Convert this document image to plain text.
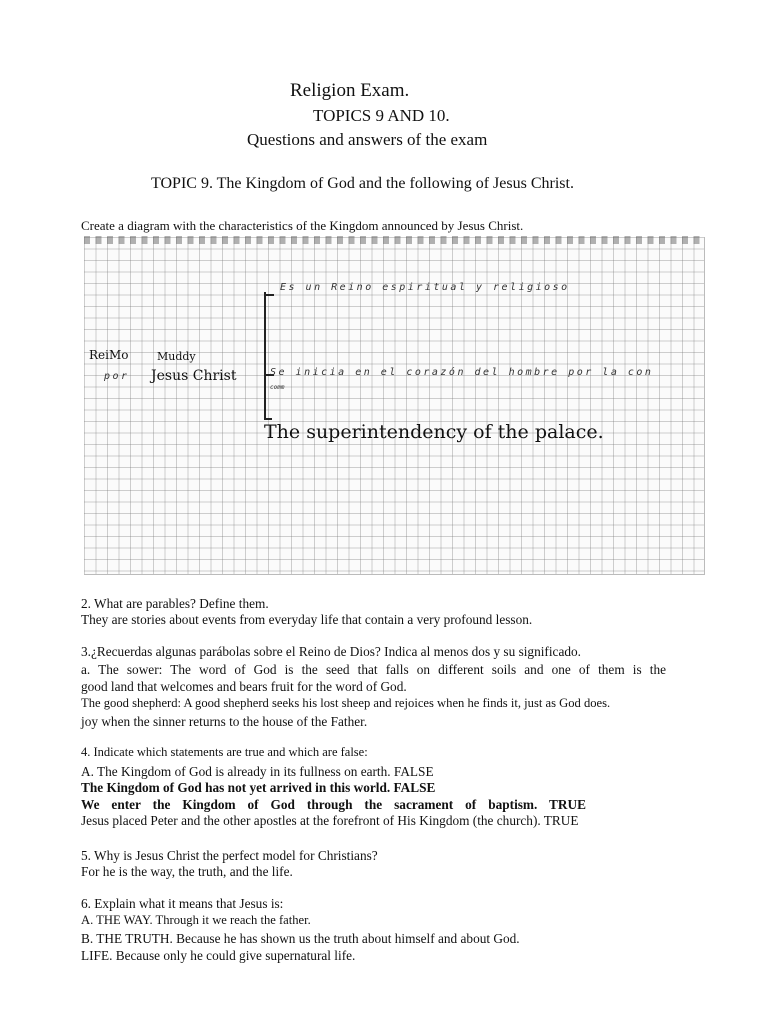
Religion Exam.
TOPICS 9 AND 10.
Questions and answers of the exam
TOPIC 9. The Kingdom of God and the following of Jesus Christ.
Create a diagram with the characteristics of the Kingdom announced by Jesus Christ.
ReiMo	Muddy
por Jesus Christ
Es un Reino espiritual y religioso
Se inicia en el corazón del hombre por la con
comm
The superintendency of the palace.
2. What are parables? Define them.
They are stories about events from everyday life that contain a very profound lesson.
3.¿Recuerdas algunas parábolas sobre el Reino de Dios? Indica al menos dos y su significado.
a. The sower: The word of God is the seed that falls on different soils and one of them is the
good land that welcomes and bears fruit for the word of God.
The good shepherd: A good shepherd seeks his lost sheep and rejoices when he finds it, just as God does.
joy when the sinner returns to the house of the Father.
4. Indicate which statements are true and which are false:
A. The Kingdom of God is already in its fullness on earth. FALSE
The Kingdom of God has not yet arrived in this world. FALSE
We enter the Kingdom of God through the sacrament of baptism. TRUE
Jesus placed Peter and the other apostles at the forefront of His Kingdom (the church). TRUE
5. Why is Jesus Christ the perfect model for Christians?
For he is the way, the truth, and the life.
6. Explain what it means that Jesus is:
A. THE WAY. Through it we reach the father.
B. THE TRUTH. Because he has shown us the truth about himself and about God.
LIFE. Because only he could give supernatural life.
